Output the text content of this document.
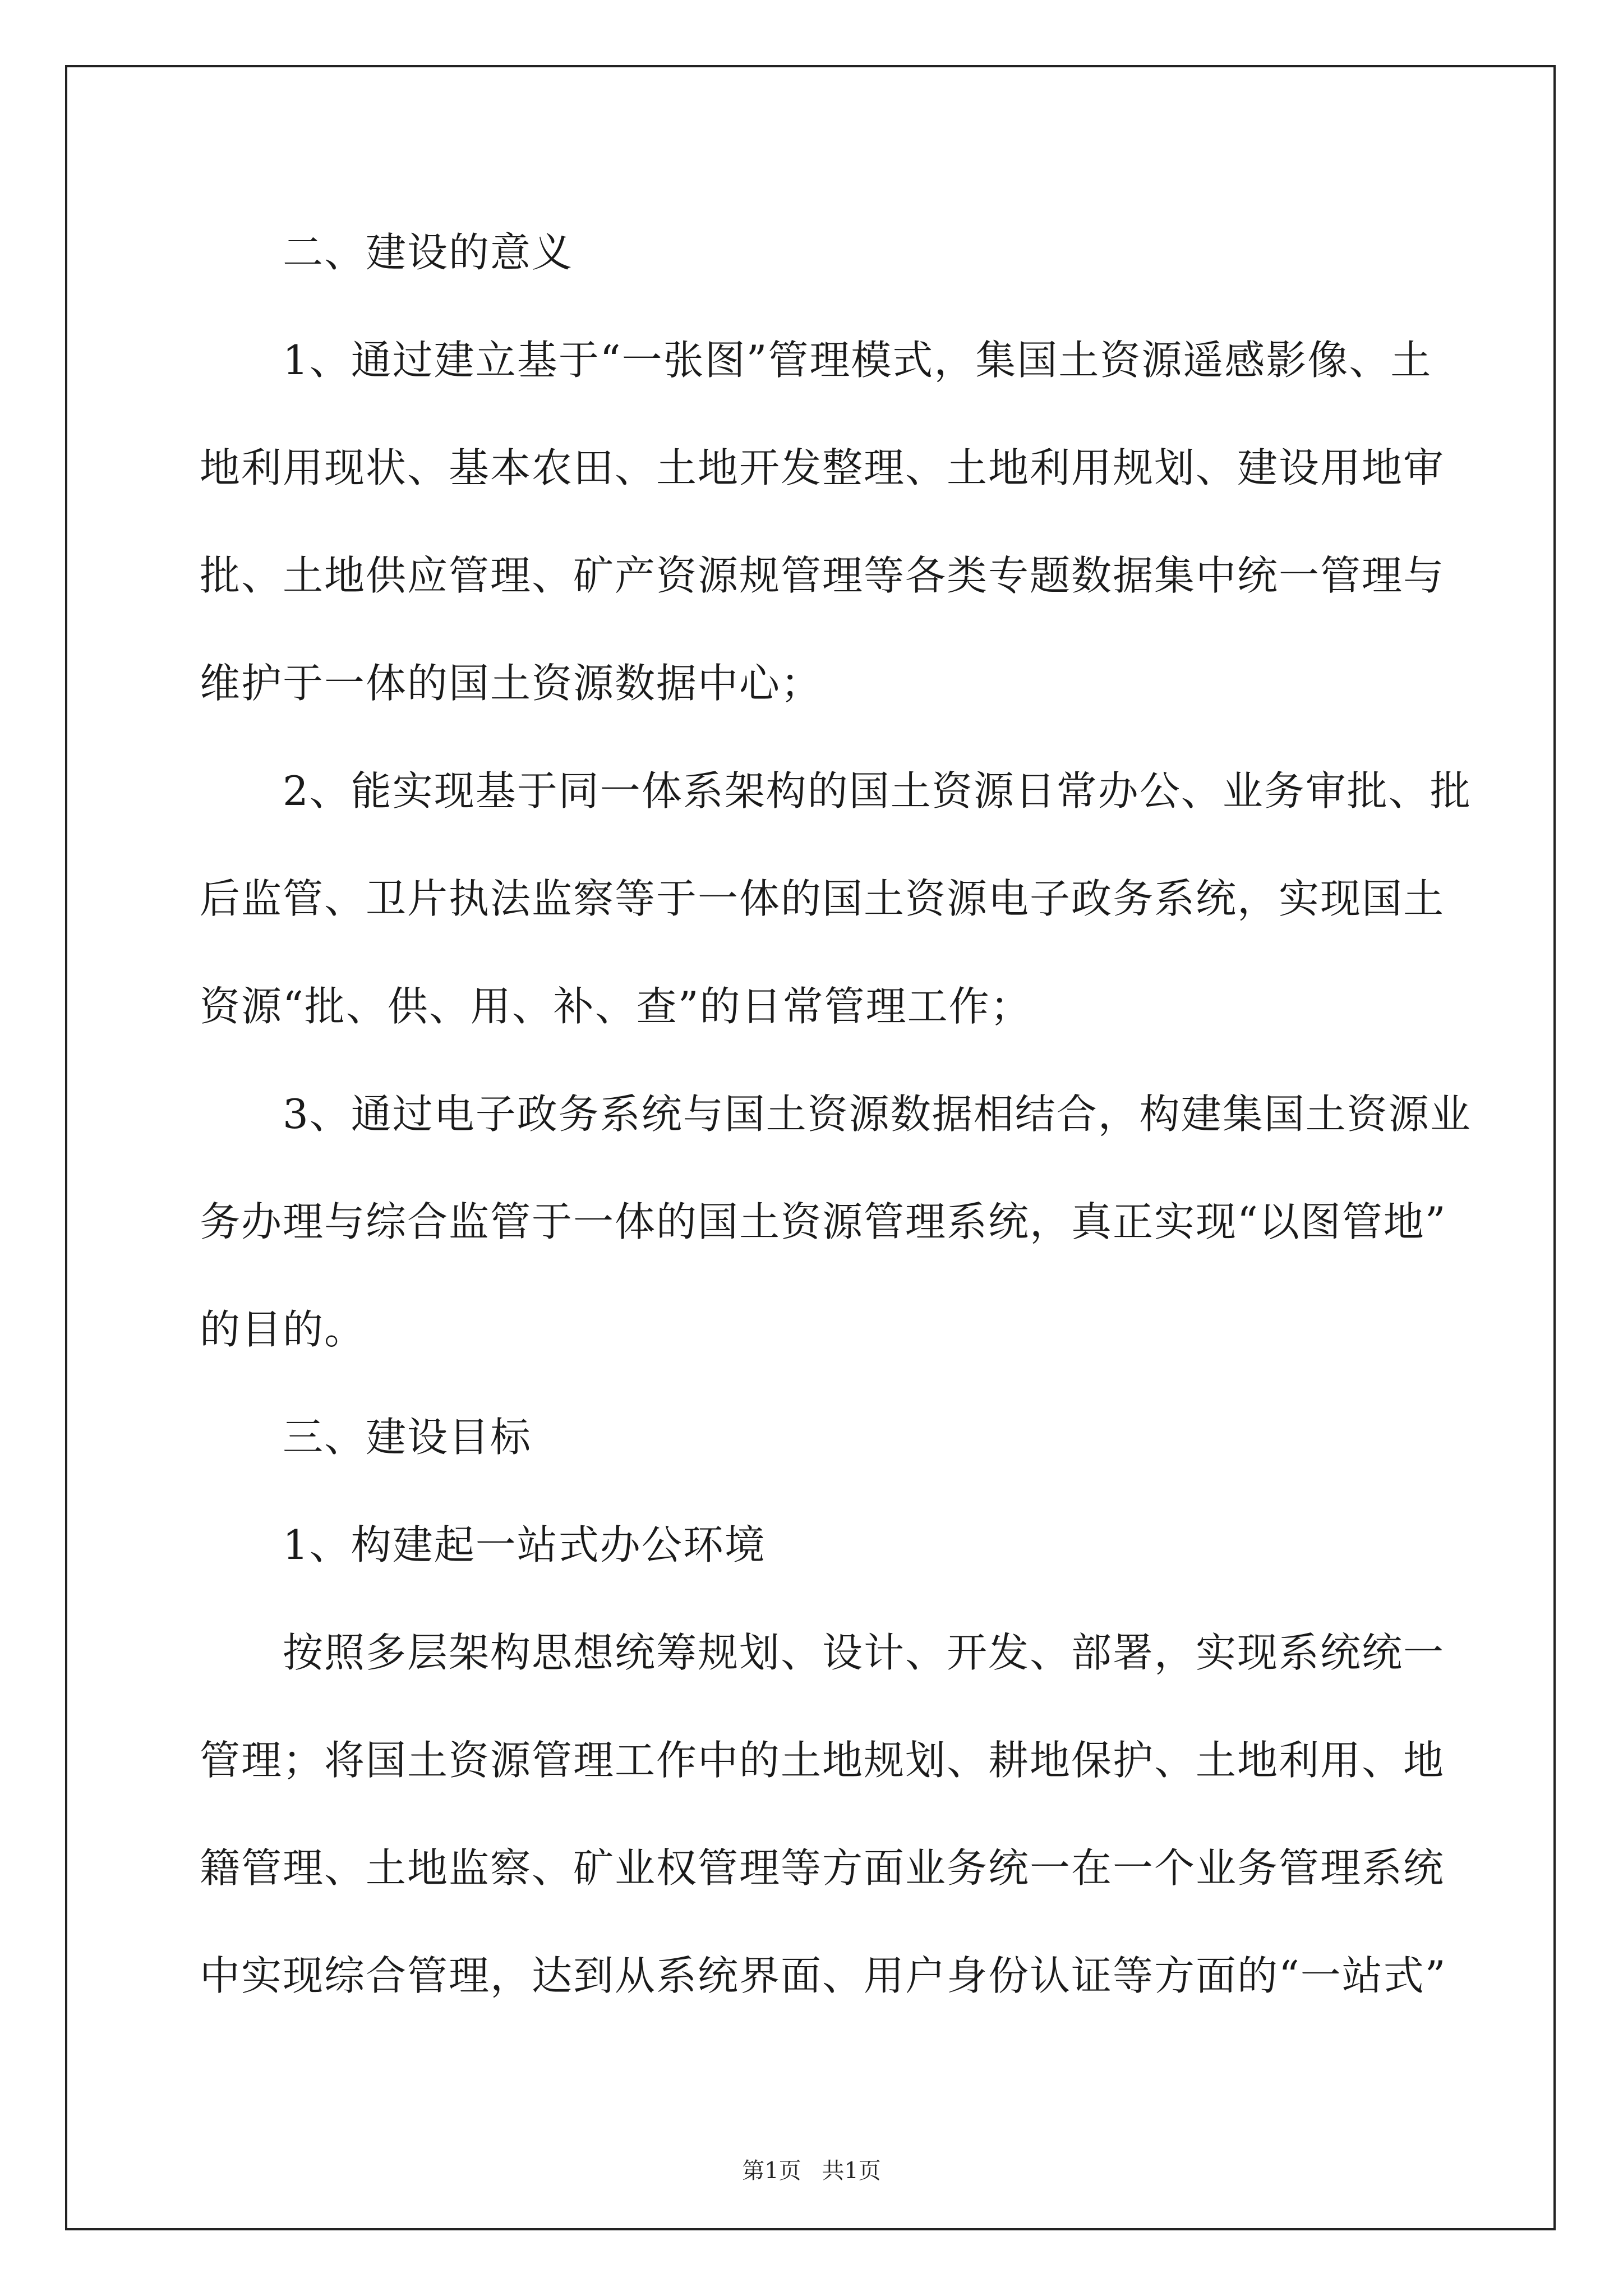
二、建设的意义
1、通过建立基于“一张图”管理模式，集国土资源遥感影像、土
地利用现状、基本农田、土地开发整理、土地利用规划、建设用地审
批、土地供应管理、矿产资源规管理等各类专题数据集中统一管理与
维护于一体的国土资源数据中心；
2、能实现基于同一体系架构的国土资源日常办公、业务审批、批
后监管、卫片执法监察等于一体的国土资源电子政务系统，实现国土
资源“批、供、用、补、查”的日常管理工作；
3、通过电子政务系统与国土资源数据相结合，构建集国土资源业
务办理与综合监管于一体的国土资源管理系统，真正实现“以图管地”
的目的。
三、建设目标
1、构建起一站式办公环境
按照多层架构思想统筹规划、设计、开发、部署，实现系统统一
管理；将国土资源管理工作中的土地规划、耕地保护、土地利用、地
籍管理、土地监察、矿业权管理等方面业务统一在一个业务管理系统
中实现综合管理，达到从系统界面、用户身份认证等方面的“一站式”
第1页 共1页
